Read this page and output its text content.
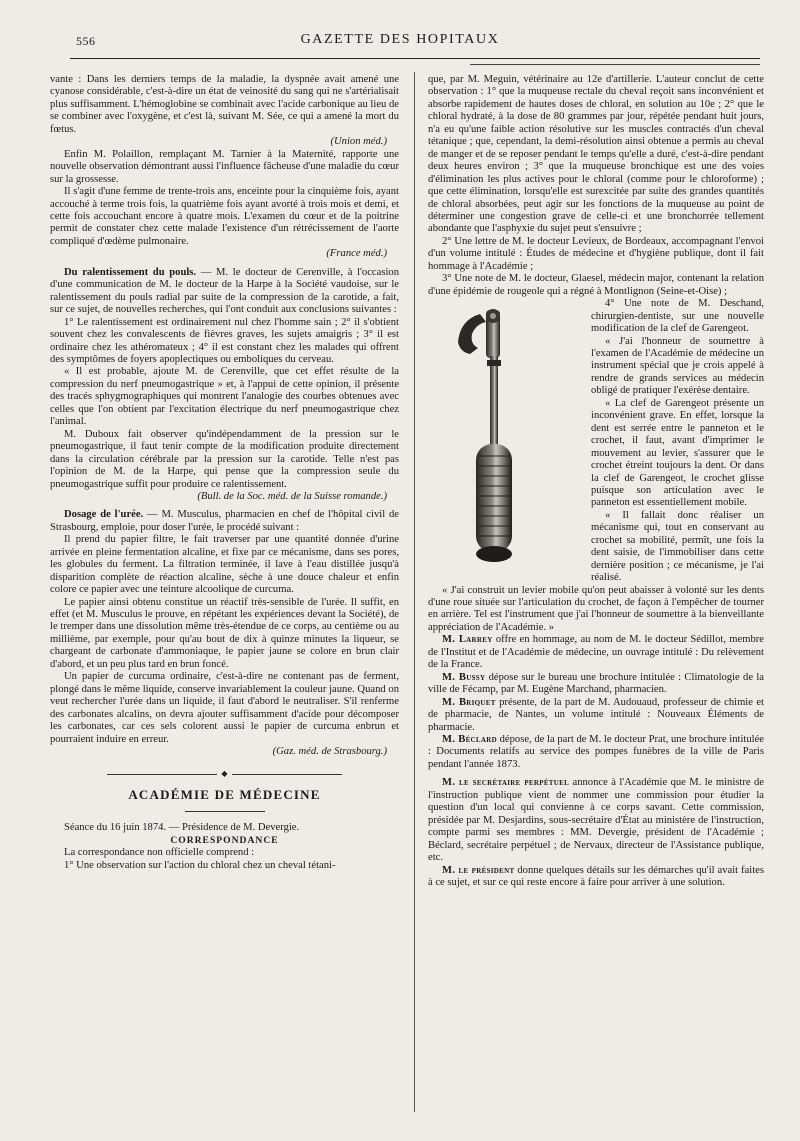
556	GAZETTE DES HOPITAUX

vante : Dans les derniers temps de la maladie, la dyspnée avait amené une cyanose considérable, c'est-à-dire un état de veinosité du sang qui ne s'artérialisait plus suffisamment. L'hémoglobine se combinait avec l'acide carbonique au lieu de se combiner avec l'oxygène, et c'est là, suivant M. Sée, ce qui a amené la mort du fœtus.

(Union méd.)

Enfin M. Polaillon, remplaçant M. Tarnier à la Maternité, rapporte une nouvelle observation démontrant aussi l'influence fâcheuse d'une maladie du cœur sur la grossesse.

Il s'agit d'une femme de trente-trois ans, enceinte pour la cinquième fois, ayant accouché à terme trois fois, la quatrième fois ayant avorté à trois mois et demi, et cette fois accouchant encore à quatre mois. L'examen du cœur et de la poitrine permit de constater chez cette malade l'existence d'un rétrécissement de l'aorte compliqué d'œdème pulmonaire.

(France méd.)

Du ralentissement du pouls. — M. le docteur de Cerenville, à l'occasion d'une communication de M. le docteur de la Harpe à la Société vaudoise, sur le ralentissement du pouls radial par suite de la compression de la carotide, a fait, sur ce sujet, de nouvelles recherches, qui l'ont conduit aux conclusions suivantes :

1° Le ralentissement est ordinairement nul chez l'homme sain ; 2° il s'obtient souvent chez les convalescents de fièvres graves, les sujets amaigris ; 3° il est ordinaire chez les athéromateux ; 4° il est constant chez les malades qui offrent des symptômes de foyers apoplectiques ou emboliques du cerveau.

« Il est probable, ajoute M. de Cerenville, que cet effet résulte de la compression du nerf pneumogastrique » et, à l'appui de cette opinion, il présente des tracés sphygmographiques qui montrent l'analogie des courbes obtenues avec celles que l'on obtient par l'excitation électrique du nerf pneumogastrique chez l'animal.

M. Duboux fait observer qu'indépendamment de la pression sur le pneumogastrique, il faut tenir compte de la modification produite directement dans la circulation cérébrale par la pression sur la carotide. Telle n'est pas l'opinion de M. de la Harpe, qui pense que la compression seule du pneumogastrique suffit pour produire ce ralentissement.

(Bull. de la Soc. méd. de la Suisse romande.)

Dosage de l'urée. — M. Musculus, pharmacien en chef de l'hôpital civil de Strasbourg, emploie, pour doser l'urée, le procédé suivant :

Il prend du papier filtre, le fait traverser par une quantité donnée d'urine arrivée en pleine fermentation alcaline, et fixe par ce mécanisme, dans ses pores, les globules du ferment. La filtration terminée, il lave à l'eau distillée jusqu'à disparition complète de réaction alcaline, sèche à une douce chaleur et enfin colore ce papier avec une teinture alcoolique de curcuma.

Le papier ainsi obtenu constitue un réactif très-sensible de l'urée. Il suffit, en effet (et M. Musculus le prouve, en répétant les expériences devant la Société), de le tremper dans une dissolution même très-étendue de ce corps, au centième ou au millième, par exemple, pour qu'au bout de dix à quinze minutes la liqueur, se chargeant de carbonate d'ammoniaque, le papier jaune se colore en brun clair d'abord, et un peu plus tard en brun foncé.

Un papier de curcuma ordinaire, c'est-à-dire ne contenant pas de ferment, plongé dans le même liquide, conserve invariablement la couleur jaune. Quand on veut rechercher l'urée dans un liquide, il faut d'abord le neutraliser. S'il renferme des carbonates alcalins, on devra ajouter suffisamment d'acide pour décomposer les carbonates, car ces sels colorent aussi le papier de curcuma enbrun et pourraient induire en erreur.

(Gaz. méd. de Strasbourg.)
◆

ACADÉMIE DE MÉDECINE

Séance du 16 juin 1874. — Présidence de M. Devergie.

CORRESPONDANCE

La correspondance non officielle comprend :

1° Une observation sur l'action du chloral chez un cheval tétani-

que, par M. Meguin, vétérinaire au 12e d'artillerie. L'auteur conclut de cette observation : 1° que la muqueuse rectale du cheval reçoit sans inconvénient et absorbe rapidement de hautes doses de chloral, en solution au 10e ; 2° que le chloral hydraté, à la dose de 80 grammes par jour, répétée pendant huit jours, n'a eu qu'une faible action résolutive sur les muscles contractés d'un cheval tétanique ; que, cependant, la demi-résolution ainsi obtenue a permis au cheval de manger et de se reposer pendant le temps qu'elle a duré, c'est-à-dire pendant deux heures environ ; 3° que la muqueuse bronchique est une des voies d'élimination les plus actives pour le chloral (comme pour le chloroforme) ; que cette élimination, lorsqu'elle est surexcitée par suite des grandes quantités de chloral absorbées, peut agir sur les fonctions de la muqueuse au point de déterminer une congestion grave de celle-ci et une bronchorrée tellement abondante que l'asphyxie du sujet peut s'ensuivre ;

2° Une lettre de M. le docteur Levieux, de Bordeaux, accompagnant l'envoi d'un volume intitulé : Études de médecine et d'hygiène publique, dont il fait hommage à l'Académie ;

3° Une note de M. le docteur, Glaesel, médecin major, contenant la relation d'une épidémie de rougeole qui a régné à Montlignon (Seine-et-Oise) ;

4° Une note de M. Deschand, chirurgien-dentiste, sur une nouvelle modification de la clef de Garengeot.

« J'ai l'honneur de soumettre à l'examen de l'Académie de médecine un instrument spécial que je crois appelé à rendre de grands services au médecin obligé de pratiquer l'exérèse dentaire.

« La clef de Garengeot présente un inconvénient grave. En effet, lorsque la dent est serrée entre le panneton et le crochet, il faut, avant d'imprimer le mouvement au levier, s'assurer que le crochet étreint toujours la dent. Or dans la clef de Garengeot, le crochet glisse puisque son articulation avec le panneton est essentiellement mobile.

« Il fallait donc réaliser un mécanisme qui, tout en conservant au crochet sa mobilité, permît, une fois la dent saisie, de l'immobiliser dans cette dernière position ; ce mécanisme, je l'ai réalisé.

« J'ai construit un levier mobile qu'on peut abaisser à volonté sur les dents d'une roue située sur l'articulation du crochet, de façon à l'empêcher de tourner en arrière. Tel est l'instrument que j'ai l'honneur de soumettre à la bienveillante appréciation de l'Académie. »

M. Larrey offre en hommage, au nom de M. le docteur Sédillot, membre de l'Institut et de l'Académie de médecine, un ouvrage intitulé : Du relèvement de la France.

M. Bussy dépose sur le bureau une brochure intitulée : Climatologie de la ville de Fécamp, par M. Eugène Marchand, pharmacien.

M. Briquet présente, de la part de M. Audouaud, professeur de chimie et de pharmacie, de Nantes, un volume intitulé : Nouveaux Éléments de pharmacie.

M. Béclard dépose, de la part de M. le docteur Prat, une brochure intitulée : Documents relatifs au service des pompes funèbres de la ville de Paris pendant l'année 1873.

M. le secrétaire perpétuel annonce à l'Académie que M. le ministre de l'instruction publique vient de nommer une commission pour étudier la question d'un local qui convienne à ce corps savant. Cette commission, présidée par M. Desjardins, sous-secrétaire d'État au ministère de l'instruction, compte parmi ses membres : MM. Devergie, président de l'Académie ; Béclard, secrétaire perpétuel ; de Nervaux, directeur de l'Assistance publique, etc.

M. le président donne quelques détails sur les démarches qu'il avait faites à ce sujet, et sur ce qui reste encore à faire pour arriver à une solution.
